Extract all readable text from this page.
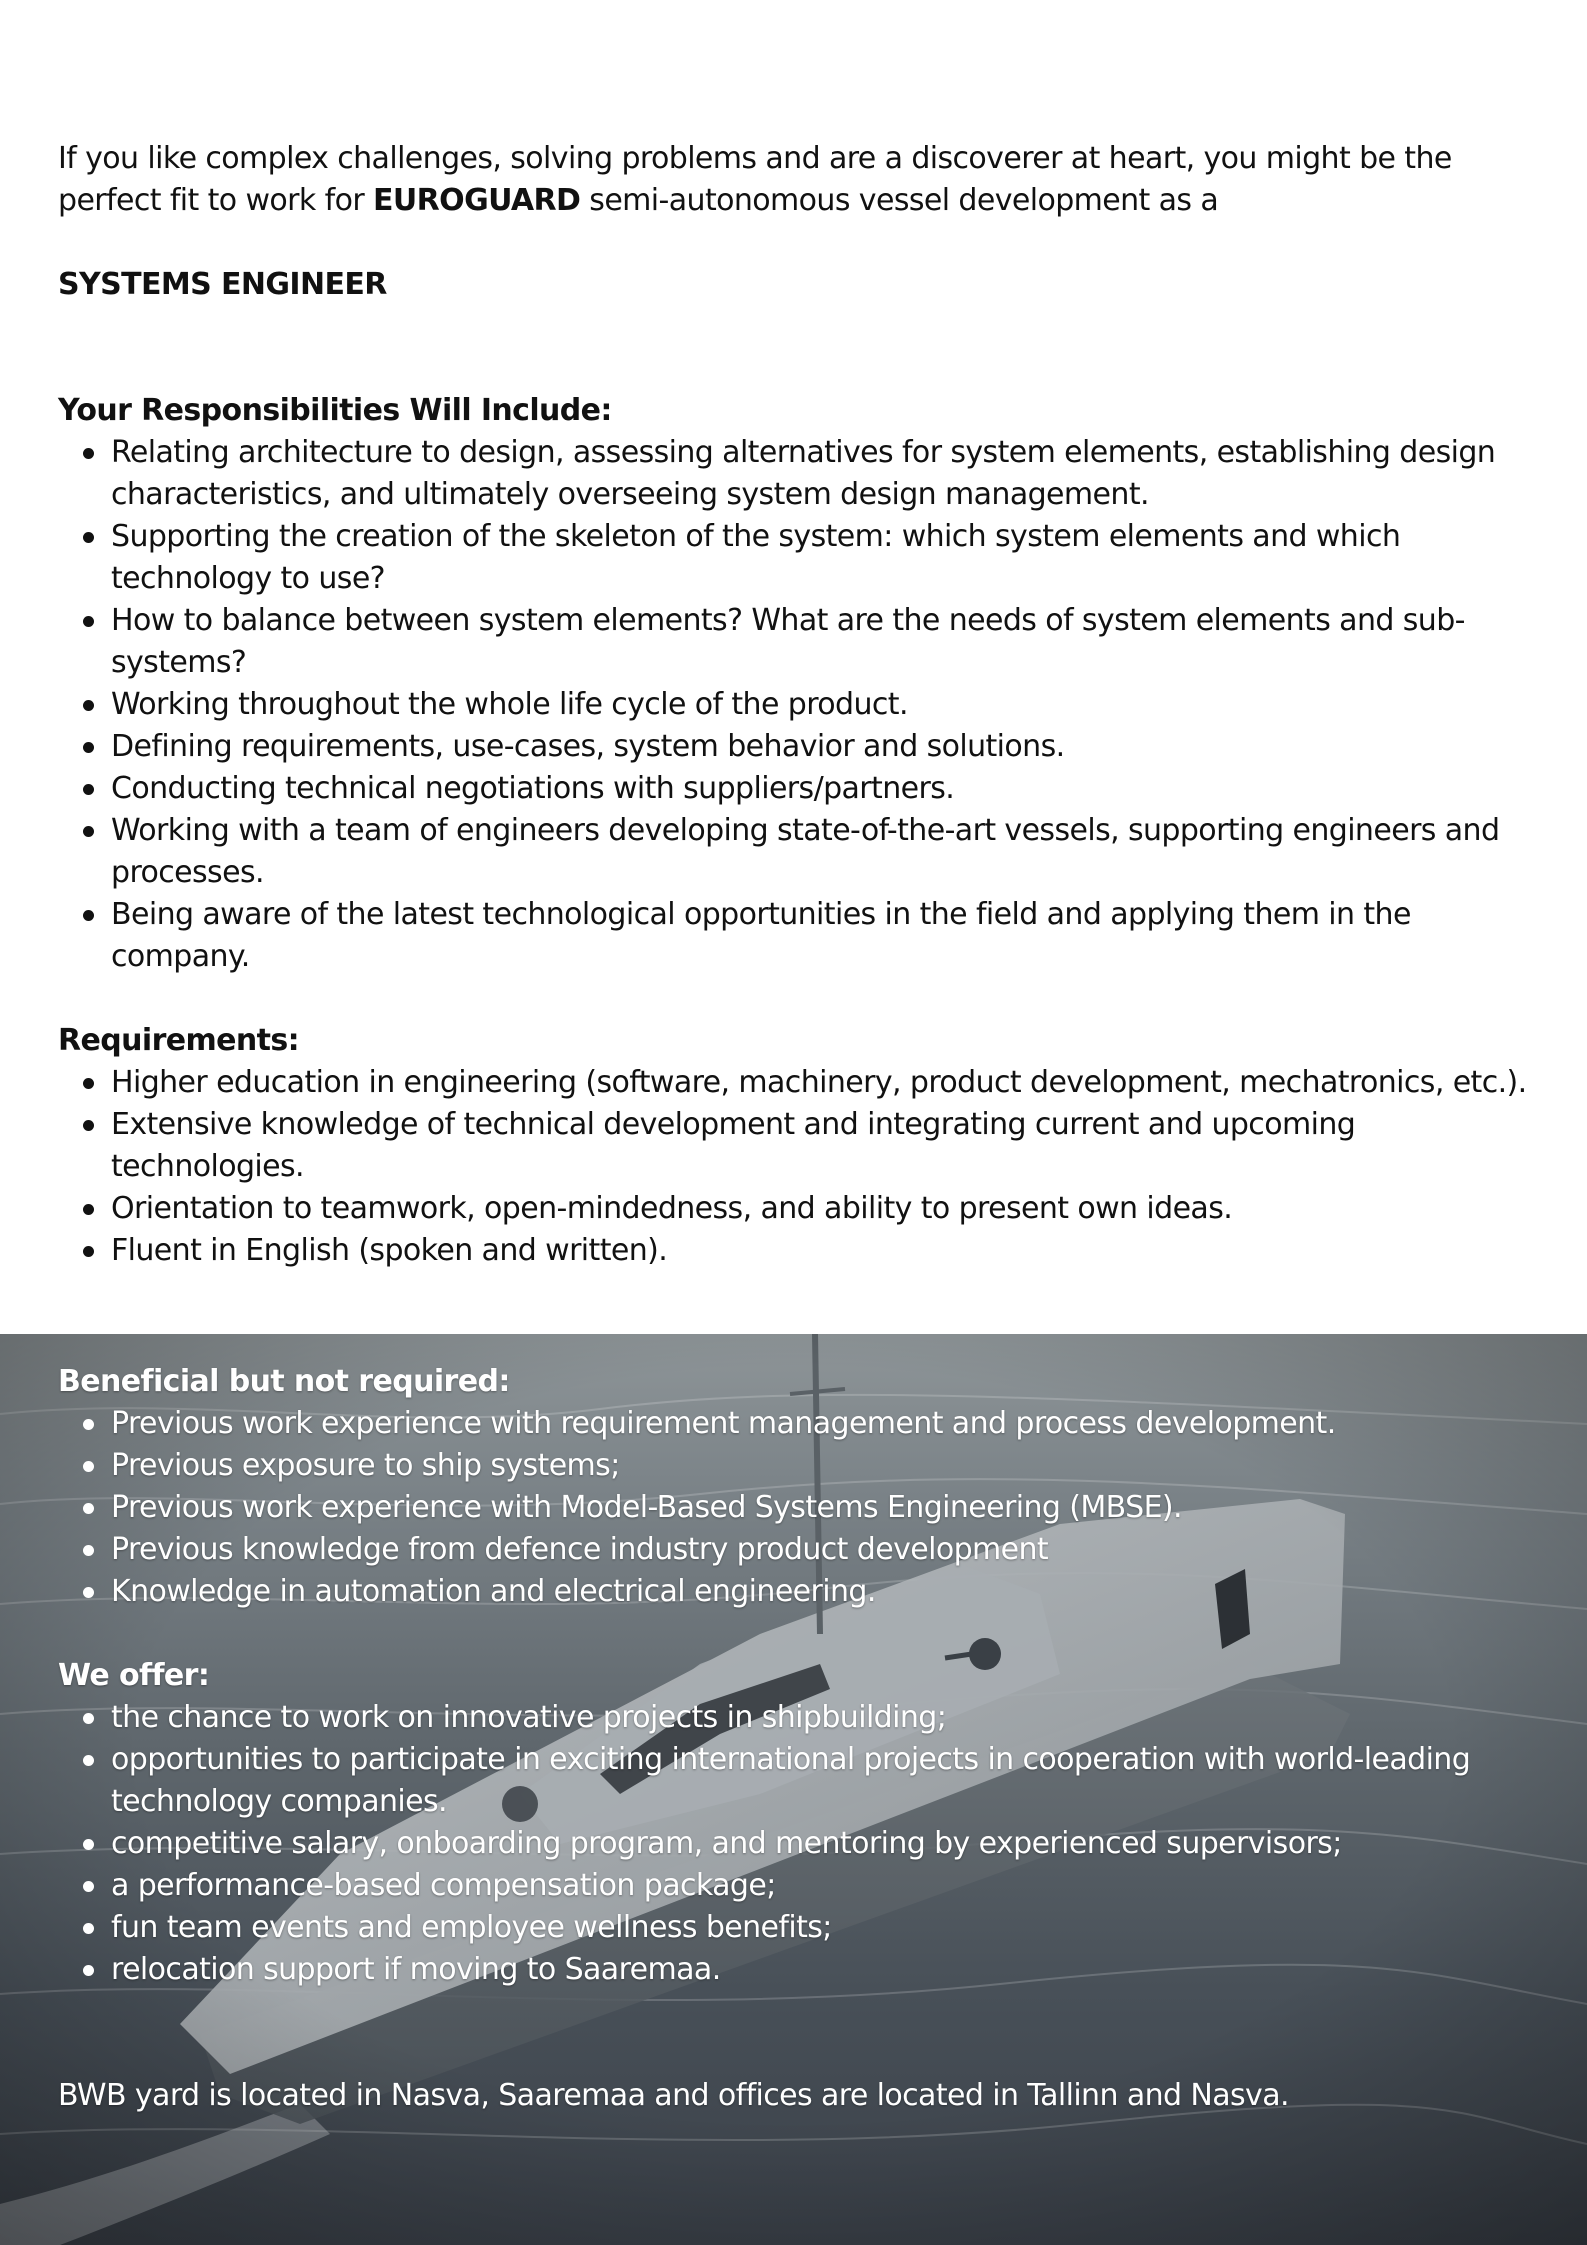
If you like complex challenges, solving problems and are a discoverer at heart, you might be the perfect fit to work for EUROGUARD semi-autonomous vessel development as a

SYSTEMS ENGINEER

Your Responsibilities Will Include:

Relating architecture to design, assessing alternatives for system elements, establishing design characteristics, and ultimately overseeing system design management.
Supporting the creation of the skeleton of the system: which system elements and which technology to use?
How to balance between system elements? What are the needs of system elements and sub-systems?
Working throughout the whole life cycle of the product.
Defining requirements, use-cases, system behavior and solutions.
Conducting technical negotiations with suppliers/partners.
Working with a team of engineers developing state-of-the-art vessels, supporting engineers and processes.
Being aware of the latest technological opportunities in the field and applying them in the company.

Requirements:

Higher education in engineering (software, machinery, product development, mechatronics, etc.).
Extensive knowledge of technical development and integrating current and upcoming technologies.
Orientation to teamwork, open-mindedness, and ability to present own ideas.
Fluent in English (spoken and written).

Beneficial but not required:

Previous work experience with requirement management and process development.
Previous exposure to ship systems;
Previous work experience with Model-Based Systems Engineering (MBSE).
Previous knowledge from defence industry product development
Knowledge in automation and electrical engineering.

We offer:

the chance to work on innovative projects in shipbuilding;
opportunities to participate in exciting international projects in cooperation with world-leading technology companies.
competitive salary, onboarding program, and mentoring by experienced supervisors;
a performance-based compensation package;
fun team events and employee wellness benefits;
relocation support if moving to Saaremaa.

BWB yard is located in Nasva, Saaremaa and offices are located in Tallinn and Nasva.
